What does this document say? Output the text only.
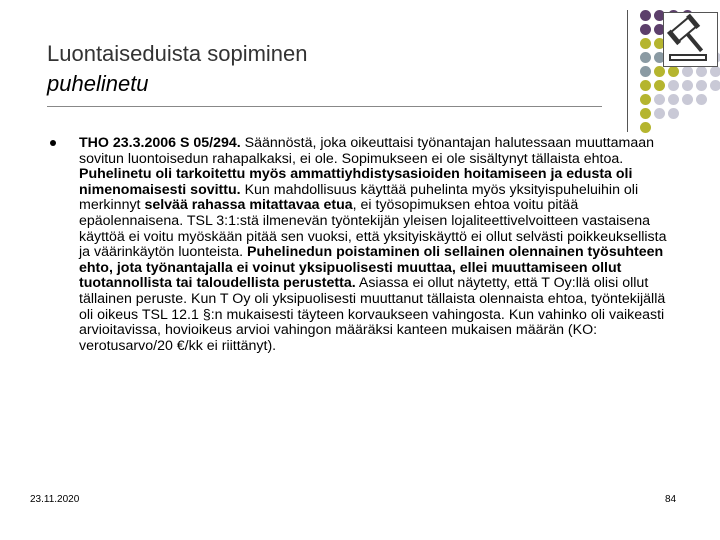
Luontaiseduista sopiminen
puhelinetu
THO 23.3.2006 S 05/294. Säännöstä, joka oikeuttaisi työnantajan halutessaan muuttamaan sovitun luontoisedun rahapalkaksi, ei ole. Sopimukseen ei ole sisältynyt tällaista ehtoa. Puhelinetu oli tarkoitettu myös ammattiyhdistysasioiden hoitamiseen ja edusta oli nimenomaisesti sovittu. Kun mahdollisuus käyttää puhelinta myös yksityispuheluihin oli merkinnyt selvää rahassa mitattavaa etua, ei työsopimuksen ehtoa voitu pitää epäolennaisena. TSL 3:1:stä ilmenevän työntekijän yleisen lojaliteettivelvoitteen vastaisena käyttöä ei voitu myöskään pitää sen vuoksi, että yksityiskäyttö ei ollut selvästi poikkeuksellista ja väärinkäytön luonteista. Puhelinedun poistaminen oli sellainen olennainen työsuhteen ehto, jota työnantajalla ei voinut yksipuolisesti muuttaa, ellei muuttamiseen ollut tuotannollista tai taloudellista perustetta. Asiassa ei ollut näytetty, että T Oy:llä olisi ollut tällainen peruste. Kun T Oy oli yksipuolisesti muuttanut tällaista olennaista ehtoa, työntekijällä oli oikeus TSL 12.1 §:n mukaisesti täyteen korvaukseen vahingosta. Kun vahinko oli vaikeasti arvioitavissa, hovioikeus arvioi vahingon määräksi kanteen mukaisen määrän (KO: verotusarvo/20 €/kk ei riittänyt).
23.11.2020	84
